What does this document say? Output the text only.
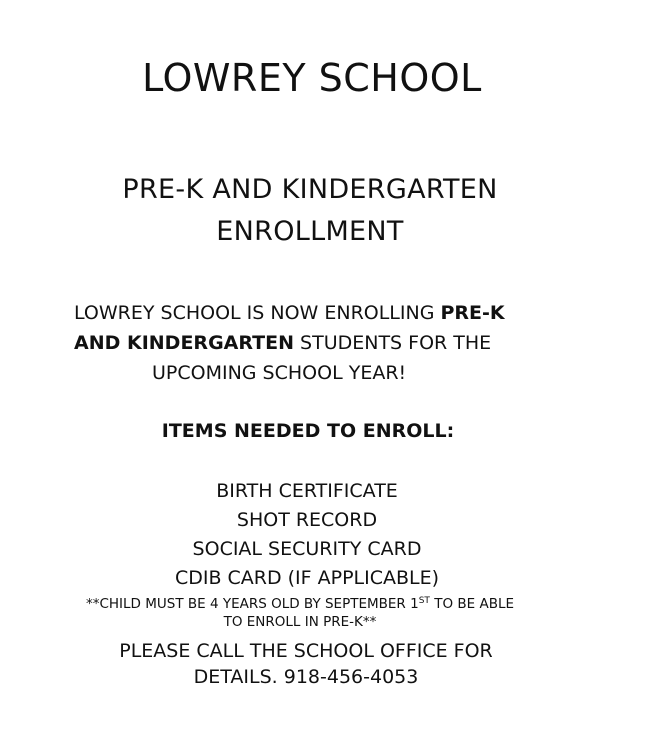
LOWREY SCHOOL
PRE-K AND KINDERGARTEN
ENROLLMENT
LOWREY SCHOOL IS NOW ENROLLING PRE-K
AND KINDERGARTEN STUDENTS FOR THE
UPCOMING SCHOOL YEAR!
ITEMS NEEDED TO ENROLL:
BIRTH CERTIFICATE
SHOT RECORD
SOCIAL SECURITY CARD
CDIB CARD (IF APPLICABLE)
**CHILD MUST BE 4 YEARS OLD BY SEPTEMBER 1ST TO BE ABLE
TO ENROLL IN PRE-K**
PLEASE CALL THE SCHOOL OFFICE FOR
DETAILS. 918-456-4053
